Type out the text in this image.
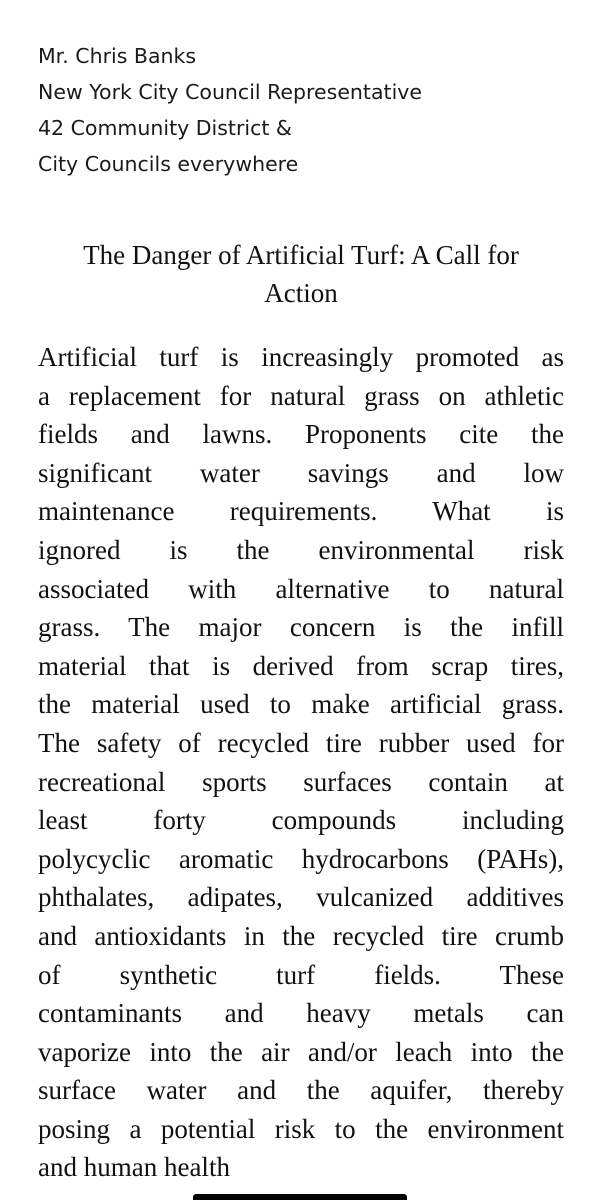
Mr. Chris Banks
New York City Council Representative
42 Community District &
City Councils everywhere
The Danger of Artificial Turf: A Call for
Action
Artificial turf is increasingly promoted as
a replacement for natural grass on athletic
fields and lawns. Proponents cite the
significant water savings and low
maintenance requirements. What is
ignored is the environmental risk
associated with alternative to natural
grass. The major concern is the infill
material that is derived from scrap tires,
the material used to make artificial grass.
The safety of recycled tire rubber used for
recreational sports surfaces contain at
least forty compounds including
polycyclic aromatic hydrocarbons (PAHs),
phthalates, adipates, vulcanized additives
and antioxidants in the recycled tire crumb
of synthetic turf fields. These
contaminants and heavy metals can
vaporize into the air and/or leach into the
surface water and the aquifer, thereby
posing a potential risk to the environment
and human health
